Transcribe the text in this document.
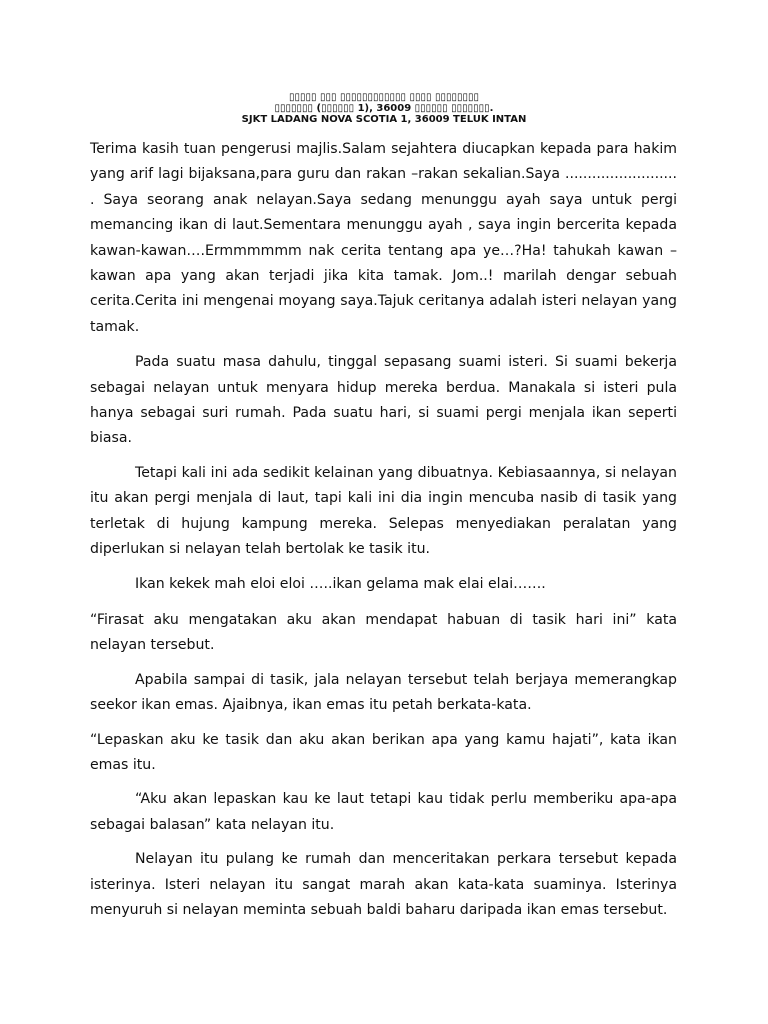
▯▯▯▯▯ ▯▯▯ ▯▯▯▯▯▯▯▯▯▯▯▯ ▯▯▯▯ ▯▯▯▯▯▯▯▯
▯▯▯▯▯▯▯ (▯▯▯▯▯▯ 1), 36009 ▯▯▯▯▯▯ ▯▯▯▯▯▯▯.
SJKT LADANG NOVA SCOTIA 1, 36009 TELUK INTAN

Terima kasih tuan pengerusi majlis.Salam sejahtera diucapkan kepada para hakim yang arif lagi bijaksana,para guru dan rakan –rakan sekalian.Saya ......................... . Saya seorang anak nelayan.Saya sedang menunggu ayah saya untuk pergi memancing ikan di laut.Sementara menunggu ayah , saya ingin bercerita kepada kawan-kawan….Ermmmmmm nak cerita tentang apa ye…?Ha! tahukah kawan –kawan apa yang akan terjadi jika kita tamak. Jom..! marilah dengar sebuah cerita.Cerita ini mengenai moyang saya.Tajuk ceritanya adalah isteri nelayan yang tamak.

Pada suatu masa dahulu, tinggal sepasang suami isteri. Si suami bekerja sebagai nelayan untuk menyara hidup mereka berdua. Manakala si isteri pula hanya sebagai suri rumah. Pada suatu hari, si suami pergi menjala ikan seperti biasa.

Tetapi kali ini ada sedikit kelainan yang dibuatnya. Kebiasaannya, si nelayan itu akan pergi menjala di laut, tapi kali ini dia ingin mencuba nasib di tasik yang terletak di hujung kampung mereka. Selepas menyediakan peralatan yang diperlukan si nelayan telah bertolak ke tasik itu.

Ikan kekek mah eloi eloi …..ikan gelama mak elai elai…….

“Firasat aku mengatakan aku akan mendapat habuan di tasik hari ini” kata nelayan tersebut.

Apabila sampai di tasik, jala nelayan tersebut telah berjaya memerangkap seekor ikan emas. Ajaibnya, ikan emas itu petah berkata-kata.

“Lepaskan aku ke tasik dan aku akan berikan apa yang kamu hajati”, kata ikan emas itu.

“Aku akan lepaskan kau ke laut tetapi kau tidak perlu memberiku apa-apa sebagai balasan” kata nelayan itu.

Nelayan itu pulang ke rumah dan menceritakan perkara tersebut kepada isterinya. Isteri nelayan itu sangat marah akan kata-kata suaminya. Isterinya menyuruh si nelayan meminta sebuah baldi baharu daripada ikan emas tersebut.
